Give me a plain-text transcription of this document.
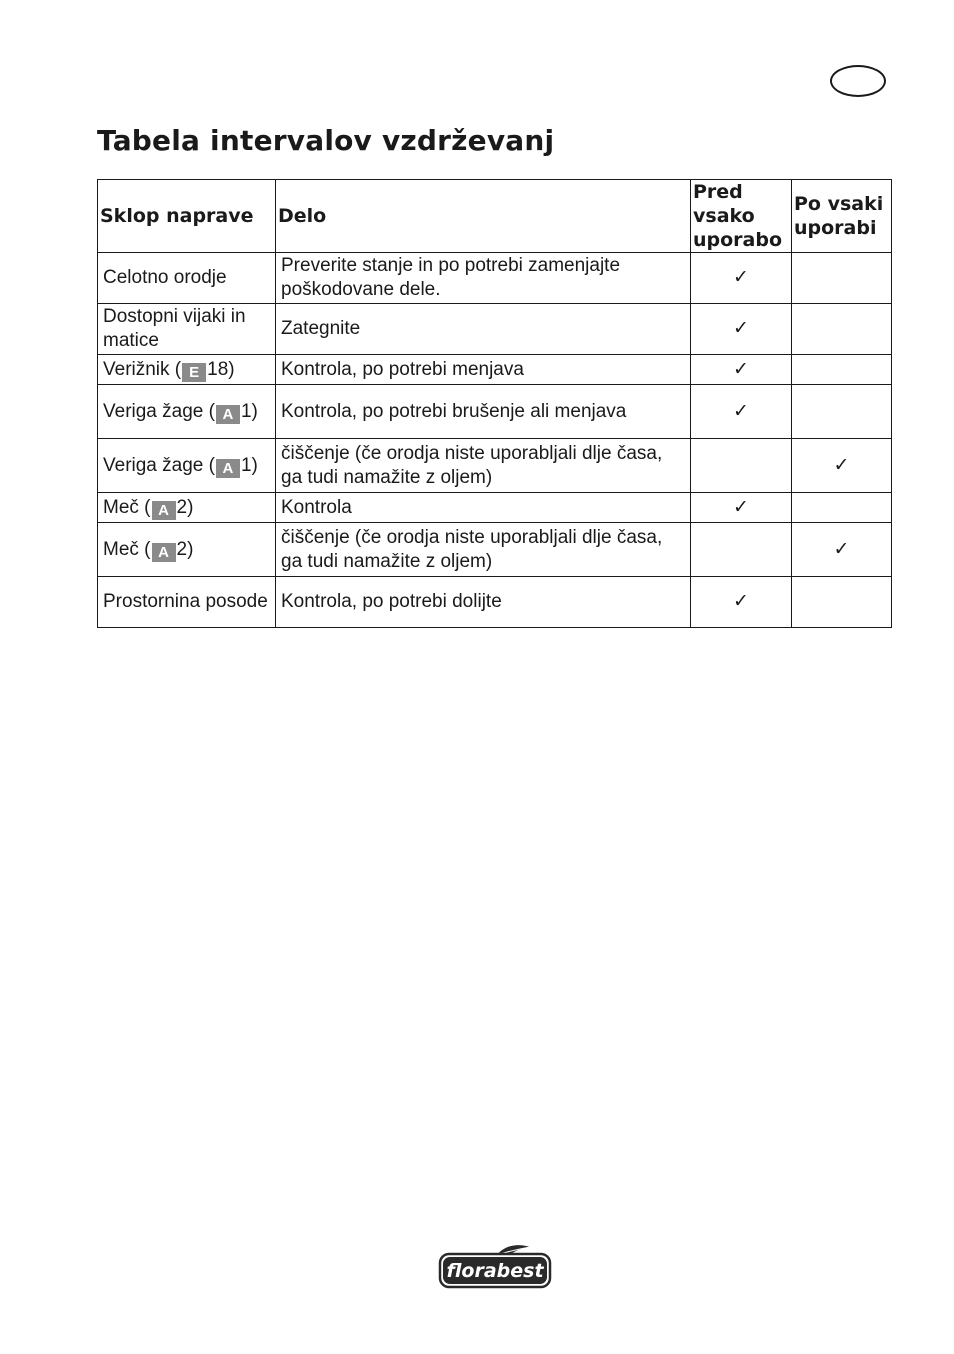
Tabela intervalov vzdrževanj
Sklop naprave	Delo	Pred vsako uporabo	Po vsaki uporabi
Celotno orodje	Preverite stanje in po potrebi zamenjajte poškodovane dele.	✓	
Dostopni vijaki in matice	Zategnite	✓	
Verižnik ( E 18)	Kontrola, po potrebi menjava	✓	
Veriga žage ( A 1)	Kontrola, po potrebi brušenje ali menjava	✓	
Veriga žage ( A 1)	čiščenje (če orodja niste uporabljali dlje časa, ga tudi namažite z oljem)		✓
Meč ( A 2)	Kontrola	✓	
Meč ( A 2)	čiščenje (če orodja niste uporabljali dlje časa, ga tudi namažite z oljem)		✓
Prostornina posode	Kontrola, po potrebi dolijte	✓	
florabest
